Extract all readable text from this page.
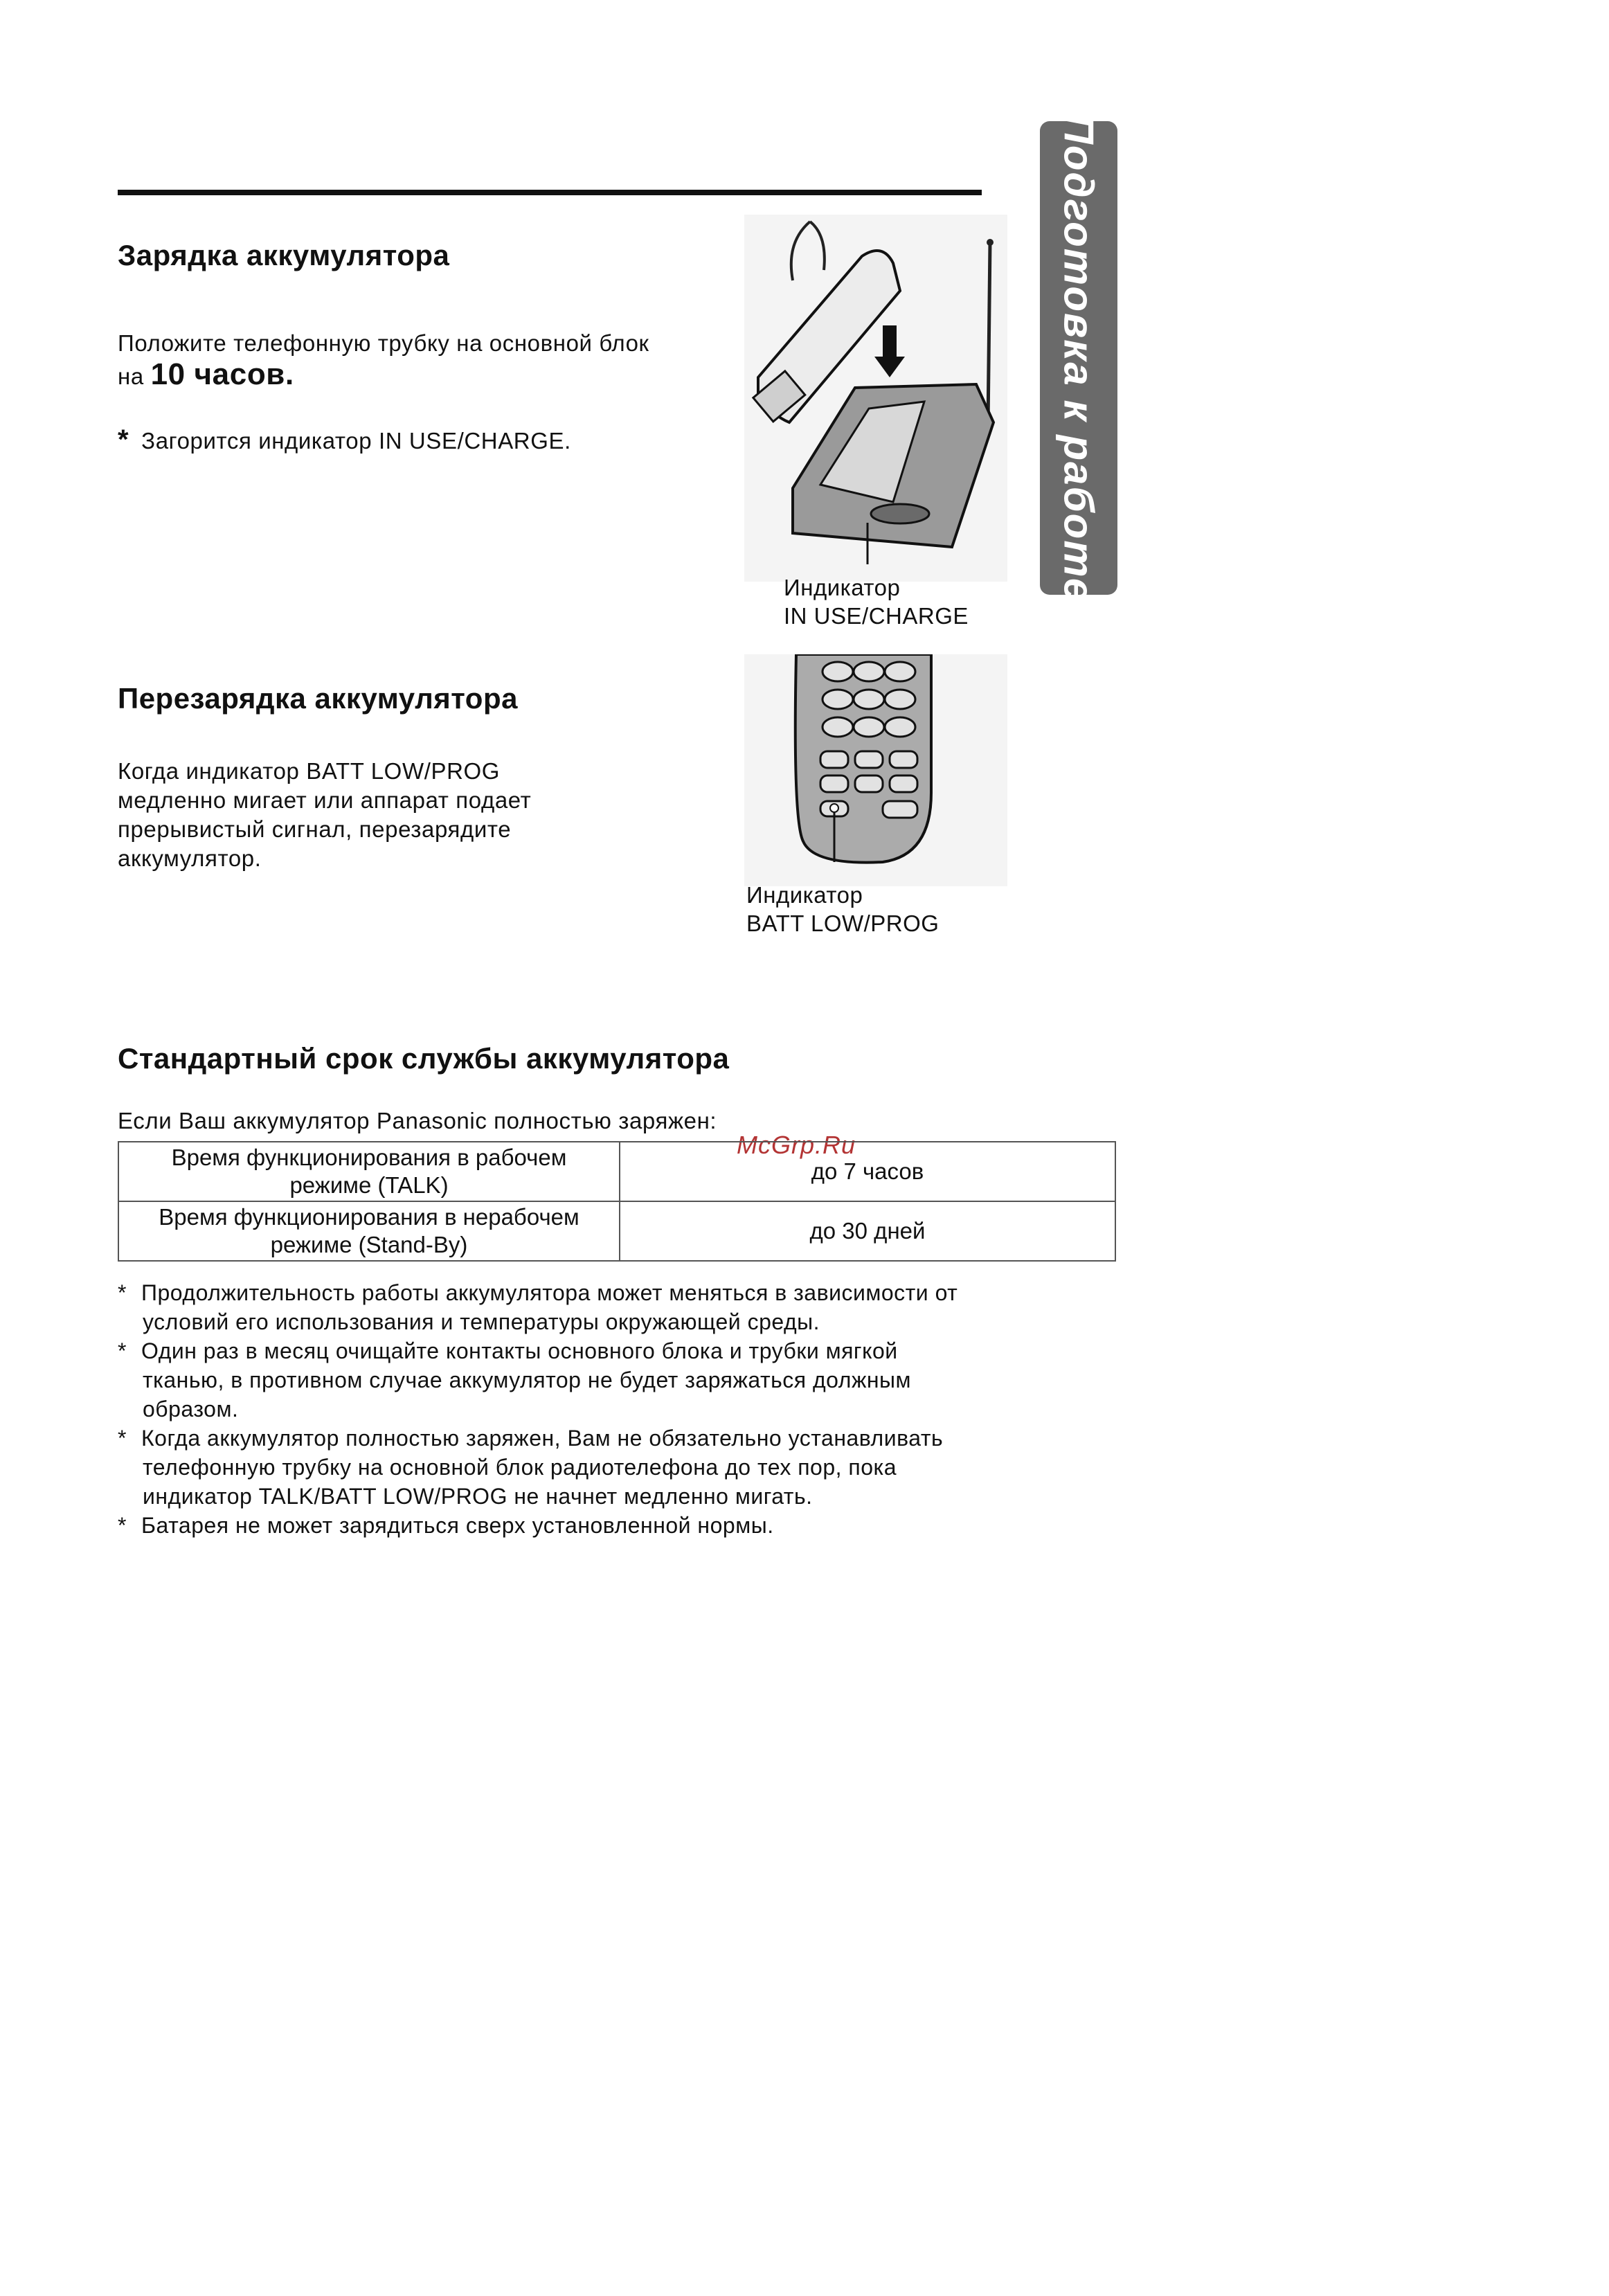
Подготовка к работе
Зарядка аккумулятора
Положите телефонную трубку на основной блок
на 10 часов.
* Загорится индикатор IN USE/CHARGE.
Индикатор
IN USE/CHARGE
Перезарядка аккумулятора
Когда индикатор BATT LOW/PROG
медленно мигает или аппарат подает
прерывистый сигнал, перезарядите
аккумулятор.
Индикатор
BATT LOW/PROG
Стандартный срок службы аккумулятора
Если Ваш аккумулятор Panasonic полностью заряжен:
McGrp.Ru
Время функционирования в рабочем
режиме (TALK)	до 7 часов

Время функционирования в нерабочем
режиме (Stand-By)	до 30 дней
* Продолжительность работы аккумулятора может меняться в зависимости от
условий его использования и температуры окружающей среды.
* Один раз в месяц очищайте контакты основного блока и трубки мягкой
тканью, в противном случае аккумулятор не будет заряжаться должным
образом.
* Когда аккумулятор полностью заряжен, Вам не обязательно устанавливать
телефонную трубку на основной блок радиотелефона до тех пор, пока
индикатор TALK/BATT LOW/PROG не начнет медленно мигать.
* Батарея не может зарядиться сверх установленной нормы.
